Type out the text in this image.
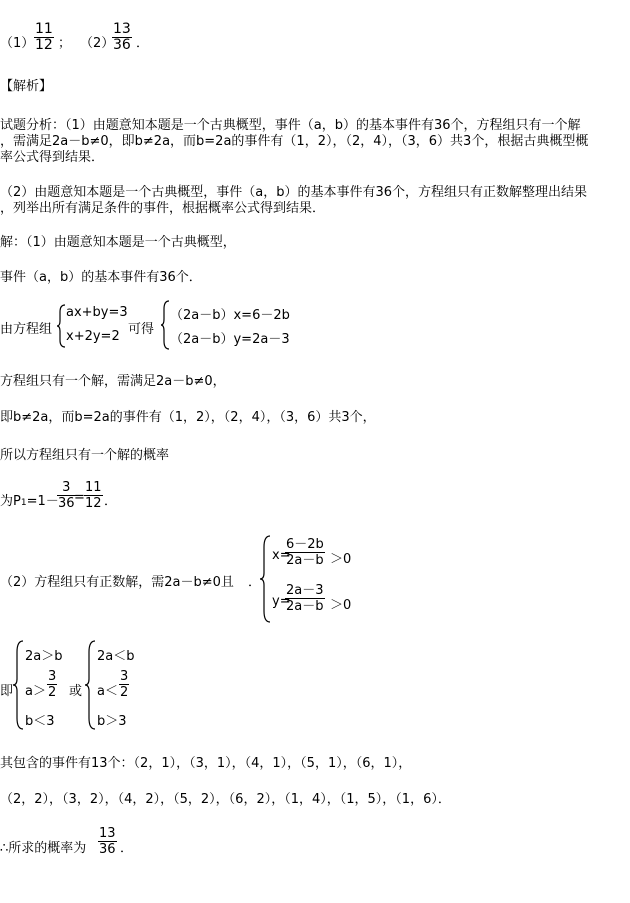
$(1) \frac{11}{12}$ ； （2）
$\frac{13}{36}$ ．
【解析】
试题分析：（1）由题意知本题是一个古典概型，事件（a，b）的基本事件有36个，方程组只有一个解
，需满足2a－b≠0，即b≠2a，而b=2a的事件有（1，2），（2，4），（3，6）共3个，根据古典概型概
率公式得到结果．
（2）由题意知本题是一个古典概型，事件（a，b）的基本事件有36个，方程组只有正数解整理出结果
，列举出所有满足条件的事件，根据概率公式得到结果．
解：（1）由题意知本题是一个古典概型，
事件（a，b）的基本事件有36个．
由方程组
ax+by=3
x+2y=2 可得
（2a－b）x=6－2b
（2a－b）y=2a－3
方程组只有一个解，需满足2a－b≠0，
即b≠2a，而b=2a的事件有（1，2），（2，4），（3，6）共3个，
所以方程组只有一个解的概率
为P1=1－
$\frac{3}{36}$
= $\frac{11}{12}$ ．
（2）方程组只有正数解，需2a－b≠0且 ．
x=
$\frac{6-2b}{2a-b} >0$
y=
$\frac{2a-3}{2a-b} >0$
即
2a＞b
$a> \frac{3}{2}$
b＜3
或
2a＜b
$a< \frac{3}{2}$
b＞3
其包含的事件有13个：（2，1），（3，1），（4，1），（5，1），（6，1），
（2，2），（3，2），（4，2），（5，2），（6，2），（1，4），（1，5），（1，6）．
∴所求的概率为 $\frac{13}{36}$ ．
